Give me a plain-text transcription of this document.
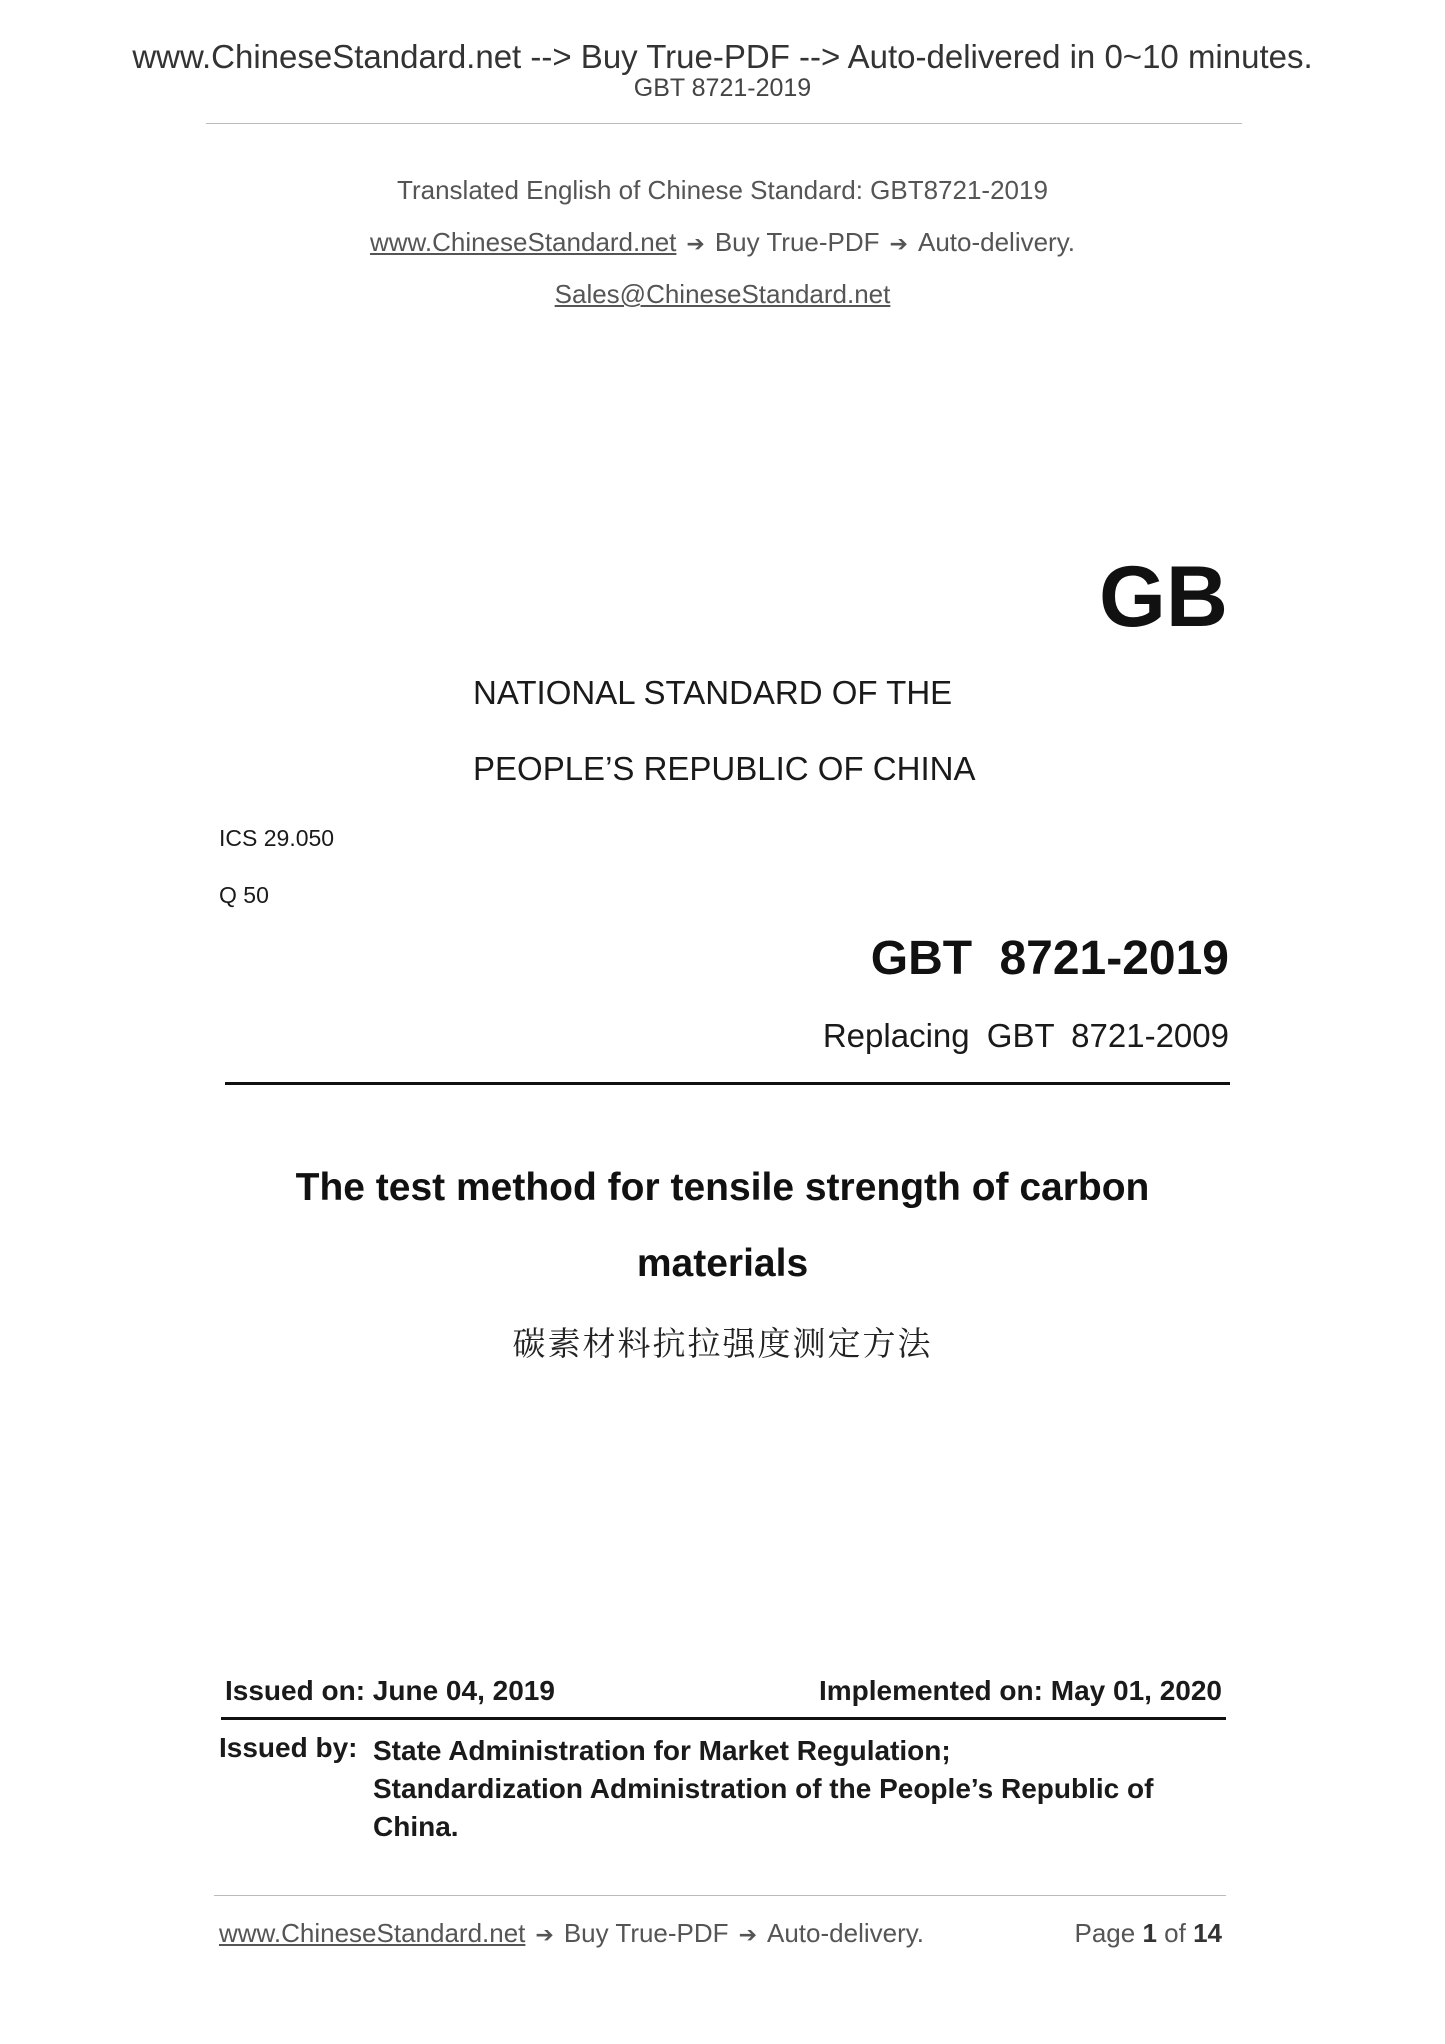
www.ChineseStandard.net --> Buy True-PDF --> Auto-delivered in 0~10 minutes.
GBT 8721-2019
Translated English of Chinese Standard: GBT8721-2019
www.ChineseStandard.net ➔ Buy True-PDF ➔ Auto-delivery.
Sales@ChineseStandard.net
GB
NATIONAL STANDARD OF THE
PEOPLE’S REPUBLIC OF CHINA
ICS 29.050
Q 50
GBT 8721-2019
Replacing GBT 8721-2009
The test method for tensile strength of carbon
materials
碳素材料抗拉强度测定方法
Issued on: June 04, 2019	Implemented on: May 01, 2020
Issued by: State Administration for Market Regulation;
Standardization Administration of the People’s Republic of
China.
www.ChineseStandard.net ➔ Buy True-PDF ➔ Auto-delivery.	Page 1 of 14
